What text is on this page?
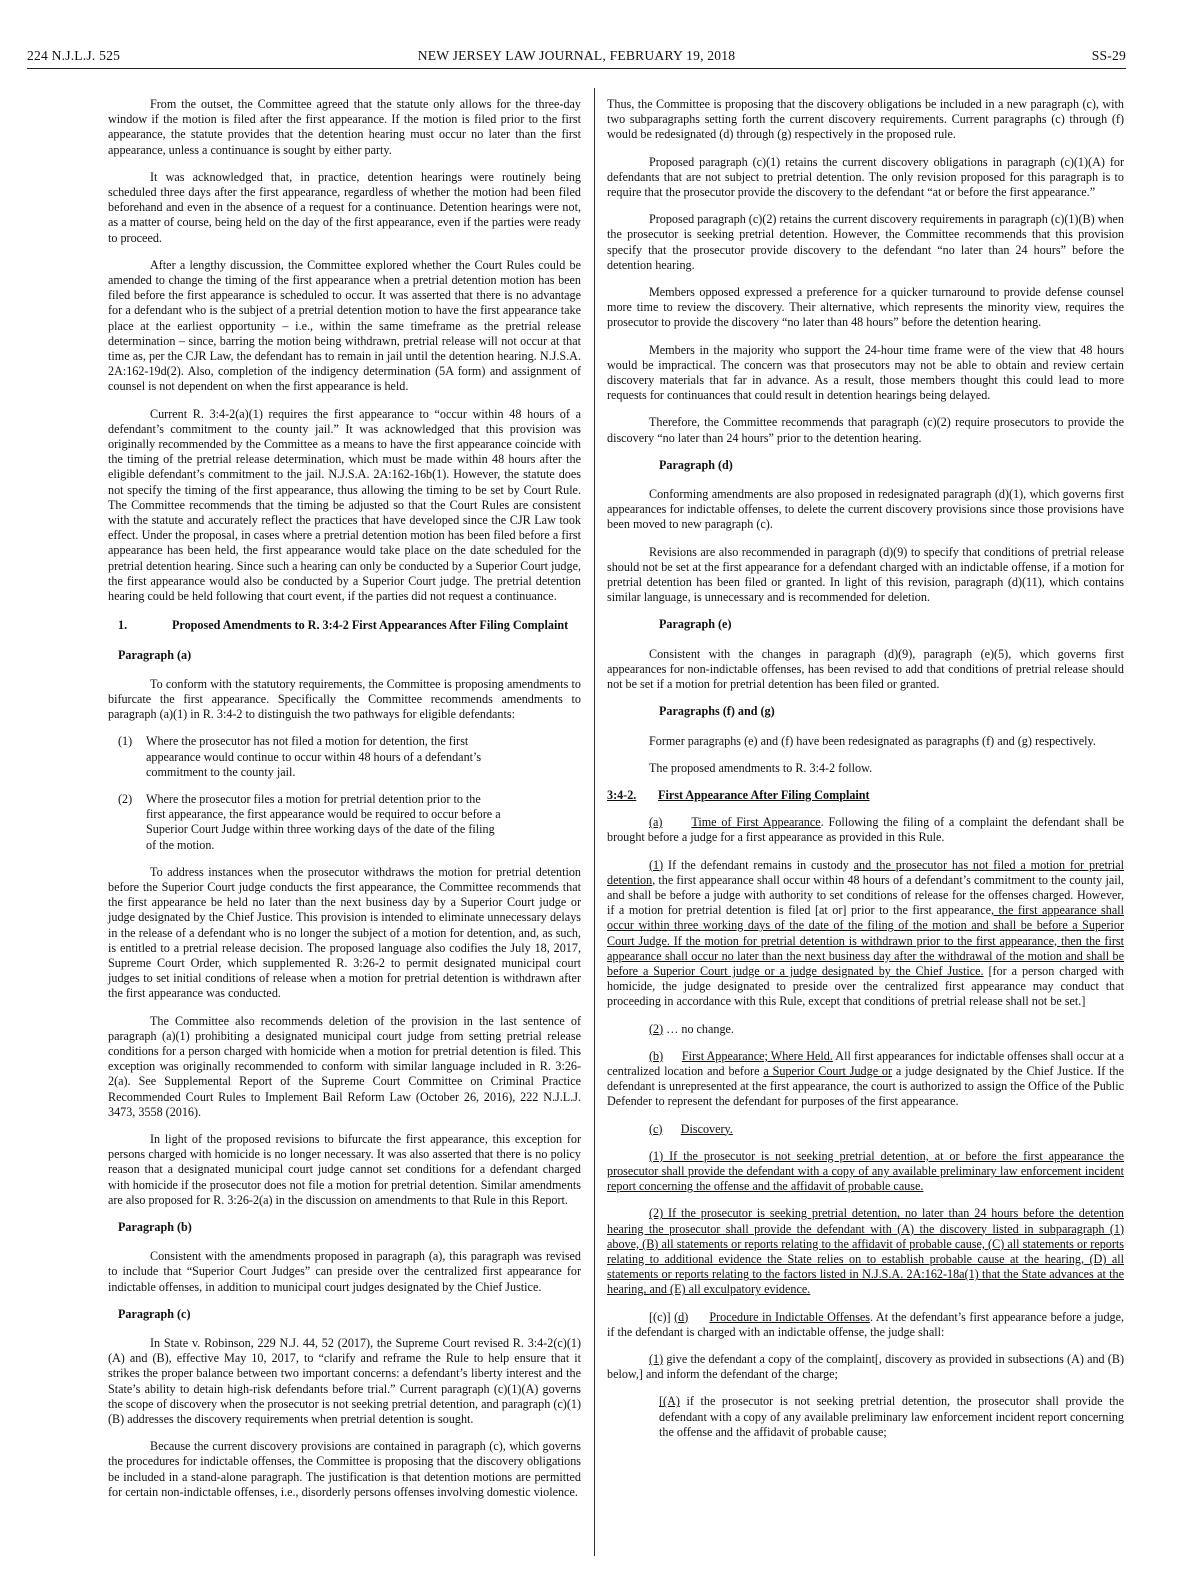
224 N.J.L.J. 525	NEW JERSEY LAW JOURNAL, FEBRUARY 19, 2018	SS-29

From the outset, the Committee agreed that the statute only allows for the three-day window if the motion is filed after the first appearance. If the motion is filed prior to the first appearance, the statute provides that the detention hearing must occur no later than the first appearance, unless a continuance is sought by either party.

It was acknowledged that, in practice, detention hearings were routinely being scheduled three days after the first appearance, regardless of whether the motion had been filed beforehand and even in the absence of a request for a continuance. Detention hearings were not, as a matter of course, being held on the day of the first appearance, even if the parties were ready to proceed.

After a lengthy discussion, the Committee explored whether the Court Rules could be amended to change the timing of the first appearance when a pretrial detention motion has been filed before the first appearance is scheduled to occur. It was asserted that there is no advantage for a defendant who is the subject of a pretrial detention motion to have the first appearance take place at the earliest opportunity – i.e., within the same timeframe as the pretrial release determination – since, barring the motion being withdrawn, pretrial release will not occur at that time as, per the CJR Law, the defendant has to remain in jail until the detention hearing. N.J.S.A. 2A:162-19d(2). Also, completion of the indigency determination (5A form) and assignment of counsel is not dependent on when the first appearance is held.

Current R. 3:4-2(a)(1) requires the first appearance to “occur within 48 hours of a defendant’s commitment to the county jail.” It was acknowledged that this provision was originally recommended by the Committee as a means to have the first appearance coincide with the timing of the pretrial release determination, which must be made within 48 hours after the eligible defendant’s commitment to the jail. N.J.S.A. 2A:162-16b(1). However, the statute does not specify the timing of the first appearance, thus allowing the timing to be set by Court Rule. The Committee recommends that the timing be adjusted so that the Court Rules are consistent with the statute and accurately reflect the practices that have developed since the CJR Law took effect. Under the proposal, in cases where a pretrial detention motion has been filed before a first appearance has been held, the first appearance would take place on the date scheduled for the pretrial detention hearing. Since such a hearing can only be conducted by a Superior Court judge, the first appearance would also be conducted by a Superior Court judge. The pretrial detention hearing could be held following that court event, if the parties did not request a continuance.

1.	Proposed Amendments to R. 3:4-2 First Appearances After Filing Complaint
Paragraph (a)

To conform with the statutory requirements, the Committee is proposing amendments to bifurcate the first appearance. Specifically the Committee recommends amendments to paragraph (a)(1) in R. 3:4-2 to distinguish the two pathways for eligible defendants:

(1)	Where the prosecutor has not filed a motion for detention, the first appearance would continue to occur within 48 hours of a defendant’s commitment to the county jail.
(2)	Where the prosecutor files a motion for pretrial detention prior to the first appearance, the first appearance would be required to occur before a Superior Court Judge within three working days of the date of the filing of the motion.

To address instances when the prosecutor withdraws the motion for pretrial detention before the Superior Court judge conducts the first appearance, the Committee recommends that the first appearance be held no later than the next business day by a Superior Court judge or judge designated by the Chief Justice. This provision is intended to eliminate unnecessary delays in the release of a defendant who is no longer the subject of a motion for detention, and, as such, is entitled to a pretrial release decision. The proposed language also codifies the July 18, 2017, Supreme Court Order, which supplemented R. 3:26-2 to permit designated municipal court judges to set initial conditions of release when a motion for pretrial detention is withdrawn after the first appearance was conducted.

The Committee also recommends deletion of the provision in the last sentence of paragraph (a)(1) prohibiting a designated municipal court judge from setting pretrial release conditions for a person charged with homicide when a motion for pretrial detention is filed. This exception was originally recommended to conform with similar language included in R. 3:26-2(a). See Supplemental Report of the Supreme Court Committee on Criminal Practice Recommended Court Rules to Implement Bail Reform Law (October 26, 2016), 222 N.J.L.J. 3473, 3558 (2016).

In light of the proposed revisions to bifurcate the first appearance, this exception for persons charged with homicide is no longer necessary. It was also asserted that there is no policy reason that a designated municipal court judge cannot set conditions for a defendant charged with homicide if the prosecutor does not file a motion for pretrial detention. Similar amendments are also proposed for R. 3:26-2(a) in the discussion on amendments to that Rule in this Report.

Paragraph (b)

Consistent with the amendments proposed in paragraph (a), this paragraph was revised to include that “Superior Court Judges” can preside over the centralized first appearance for indictable offenses, in addition to municipal court judges designated by the Chief Justice.

Paragraph (c)

In State v. Robinson, 229 N.J. 44, 52 (2017), the Supreme Court revised R. 3:4-2(c)(1)(A) and (B), effective May 10, 2017, to “clarify and reframe the Rule to help ensure that it strikes the proper balance between two important concerns: a defendant’s liberty interest and the State’s ability to detain high-risk defendants before trial.” Current paragraph (c)(1)(A) governs the scope of discovery when the prosecutor is not seeking pretrial detention, and paragraph (c)(1)(B) addresses the discovery requirements when pretrial detention is sought.

Because the current discovery provisions are contained in paragraph (c), which governs the procedures for indictable offenses, the Committee is proposing that the discovery obligations be included in a stand-alone paragraph. The justification is that detention motions are permitted for certain non-indictable offenses, i.e., disorderly persons offenses involving domestic violence.

Thus, the Committee is proposing that the discovery obligations be included in a new paragraph (c), with two subparagraphs setting forth the current discovery requirements. Current paragraphs (c) through (f) would be redesignated (d) through (g) respectively in the proposed rule.

Proposed paragraph (c)(1) retains the current discovery obligations in paragraph (c)(1)(A) for defendants that are not subject to pretrial detention. The only revision proposed for this paragraph is to require that the prosecutor provide the discovery to the defendant “at or before the first appearance.”

Proposed paragraph (c)(2) retains the current discovery requirements in paragraph (c)(1)(B) when the prosecutor is seeking pretrial detention. However, the Committee recommends that this provision specify that the prosecutor provide discovery to the defendant “no later than 24 hours” before the detention hearing.

Members opposed expressed a preference for a quicker turnaround to provide defense counsel more time to review the discovery. Their alternative, which represents the minority view, requires the prosecutor to provide the discovery “no later than 48 hours” before the detention hearing.

Members in the majority who support the 24-hour time frame were of the view that 48 hours would be impractical. The concern was that prosecutors may not be able to obtain and review certain discovery materials that far in advance. As a result, those members thought this could lead to more requests for continuances that could result in detention hearings being delayed.

Therefore, the Committee recommends that paragraph (c)(2) require prosecutors to provide the discovery “no later than 24 hours” prior to the detention hearing.

Paragraph (d)

Conforming amendments are also proposed in redesignated paragraph (d)(1), which governs first appearances for indictable offenses, to delete the current discovery provisions since those provisions have been moved to new paragraph (c).

Revisions are also recommended in paragraph (d)(9) to specify that conditions of pretrial release should not be set at the first appearance for a defendant charged with an indictable offense, if a motion for pretrial detention has been filed or granted. In light of this revision, paragraph (d)(11), which contains similar language, is unnecessary and is recommended for deletion.

Paragraph (e)

Consistent with the changes in paragraph (d)(9), paragraph (e)(5), which governs first appearances for non-indictable offenses, has been revised to add that conditions of pretrial release should not be set if a motion for pretrial detention has been filed or granted.

Paragraphs (f) and (g)

Former paragraphs (e) and (f) have been redesignated as paragraphs (f) and (g) respectively.

The proposed amendments to R. 3:4-2 follow.

3:4-2. First Appearance After Filing Complaint

(a) Time of First Appearance. Following the filing of a complaint the defendant shall be brought before a judge for a first appearance as provided in this Rule.

(1) If the defendant remains in custody and the prosecutor has not filed a motion for pretrial detention, the first appearance shall occur within 48 hours of a defendant’s commitment to the county jail, and shall be before a judge with authority to set conditions of release for the offenses charged. However, if a motion for pretrial detention is filed [at or] prior to the first appearance, the first appearance shall occur within three working days of the date of the filing of the motion and shall be before a Superior Court Judge. If the motion for pretrial detention is withdrawn prior to the first appearance, then the first appearance shall occur no later than the next business day after the withdrawal of the motion and shall be before a Superior Court judge or a judge designated by the Chief Justice. [for a person charged with homicide, the judge designated to preside over the centralized first appearance may conduct that proceeding in accordance with this Rule, except that conditions of pretrial release shall not be set.]

(2) … no change.

(b) First Appearance; Where Held. All first appearances for indictable offenses shall occur at a centralized location and before a Superior Court Judge or a judge designated by the Chief Justice. If the defendant is unrepresented at the first appearance, the court is authorized to assign the Office of the Public Defender to represent the defendant for purposes of the first appearance.

(c) Discovery.

(1) If the prosecutor is not seeking pretrial detention, at or before the first appearance the prosecutor shall provide the defendant with a copy of any available preliminary law enforcement incident report concerning the offense and the affidavit of probable cause.

(2) If the prosecutor is seeking pretrial detention, no later than 24 hours before the detention hearing the prosecutor shall provide the defendant with (A) the discovery listed in subparagraph (1) above, (B) all statements or reports relating to the affidavit of probable cause, (C) all statements or reports relating to additional evidence the State relies on to establish probable cause at the hearing, (D) all statements or reports relating to the factors listed in N.J.S.A. 2A:162-18a(1) that the State advances at the hearing, and (E) all exculpatory evidence.

[(c)] (d) Procedure in Indictable Offenses. At the defendant’s first appearance before a judge, if the defendant is charged with an indictable offense, the judge shall:

(1) give the defendant a copy of the complaint[, discovery as provided in subsections (A) and (B) below,] and inform the defendant of the charge;

[(A) if the prosecutor is not seeking pretrial detention, the prosecutor shall provide the defendant with a copy of any available preliminary law enforcement incident report concerning the offense and the affidavit of probable cause;
